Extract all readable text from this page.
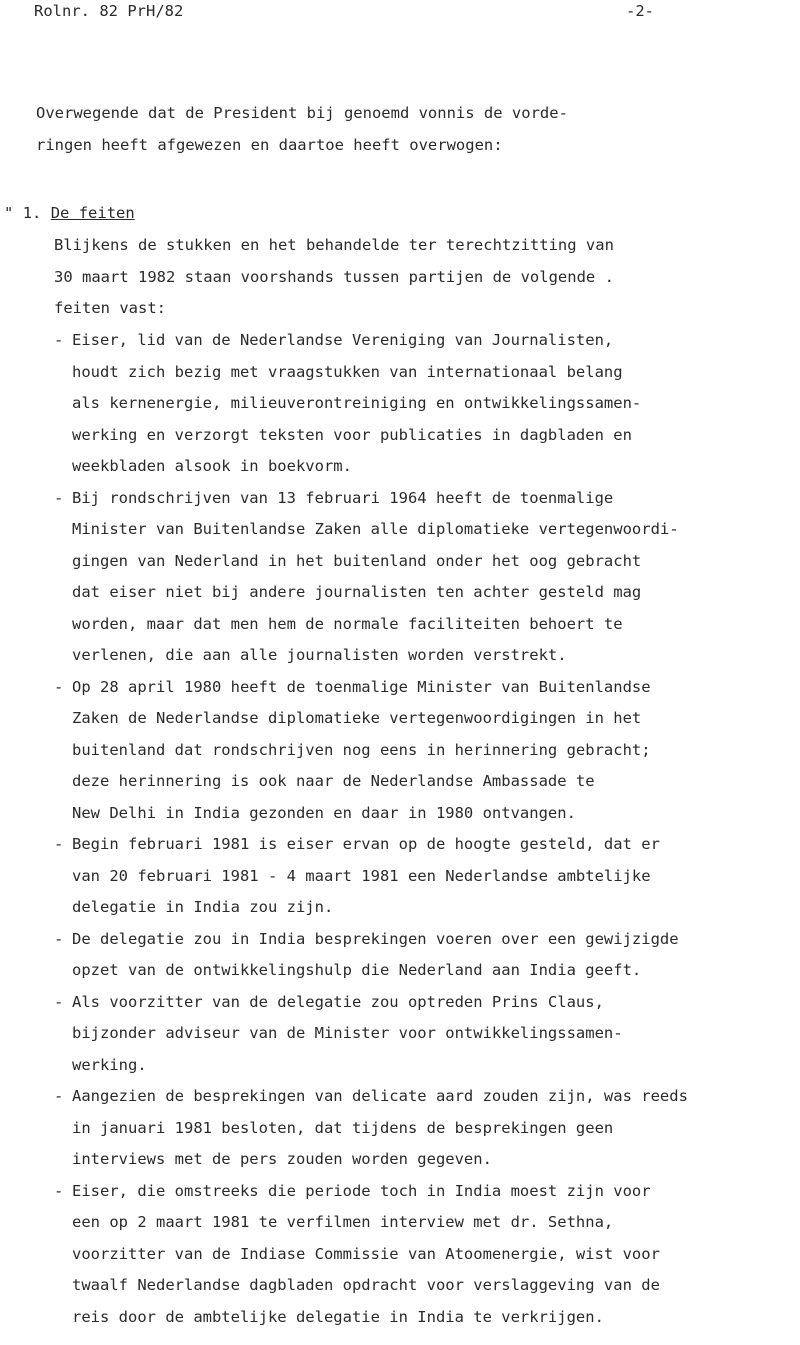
Rolnr. 82 PrH/82	-2-
Overwegende dat de President bij genoemd vonnis de vorde-
ringen heeft afgewezen en daartoe heeft overwogen:
" 1. De feiten
Blijkens de stukken en het behandelde ter terechtzitting van
30 maart 1982 staan voorshands tussen partijen de volgende .
feiten vast:
- Eiser, lid van de Nederlandse Vereniging van Journalisten,
houdt zich bezig met vraagstukken van internationaal belang
als kernenergie, milieuverontreiniging en ontwikkelingssamen-
werking en verzorgt teksten voor publicaties in dagbladen en
weekbladen alsook in boekvorm.
- Bij rondschrijven van 13 februari 1964 heeft de toenmalige
Minister van Buitenlandse Zaken alle diplomatieke vertegenwoordi-
gingen van Nederland in het buitenland onder het oog gebracht
dat eiser niet bij andere journalisten ten achter gesteld mag
worden, maar dat men hem de normale faciliteiten behoert te
verlenen, die aan alle journalisten worden verstrekt.
- Op 28 april 1980 heeft de toenmalige Minister van Buitenlandse
Zaken de Nederlandse diplomatieke vertegenwoordigingen in het
buitenland dat rondschrijven nog eens in herinnering gebracht;
deze herinnering is ook naar de Nederlandse Ambassade te
New Delhi in India gezonden en daar in 1980 ontvangen.
- Begin februari 1981 is eiser ervan op de hoogte gesteld, dat er
van 20 februari 1981 - 4 maart 1981 een Nederlandse ambtelijke
delegatie in India zou zijn.
- De delegatie zou in India besprekingen voeren over een gewijzigde
opzet van de ontwikkelingshulp die Nederland aan India geeft.
- Als voorzitter van de delegatie zou optreden Prins Claus,
bijzonder adviseur van de Minister voor ontwikkelingssamen-
werking.
- Aangezien de besprekingen van delicate aard zouden zijn, was reeds
in januari 1981 besloten, dat tijdens de besprekingen geen
interviews met de pers zouden worden gegeven.
- Eiser, die omstreeks die periode toch in India moest zijn voor
een op 2 maart 1981 te verfilmen interview met dr. Sethna,
voorzitter van de Indiase Commissie van Atoomenergie, wist voor
twaalf Nederlandse dagbladen opdracht voor verslaggeving van de
reis door de ambtelijke delegatie in India te verkrijgen.
